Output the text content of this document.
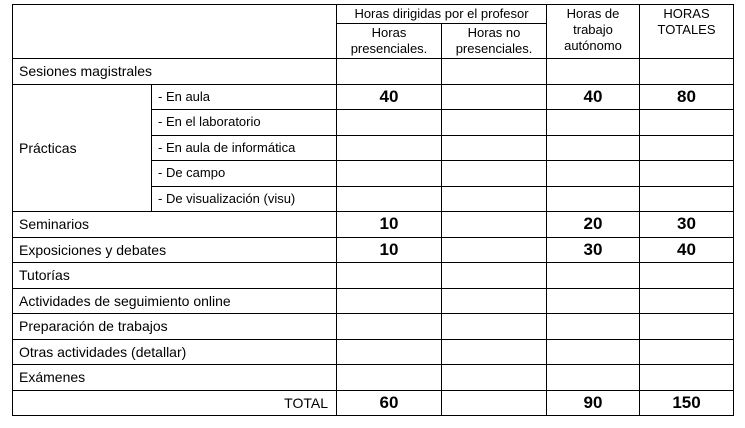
		Horas dirigidas por el profesor		Horas de trabajo autónomo	HORAS TOTALES
		Horas presenciales.	Horas no presenciales.		
Sesiones magistrales					
Prácticas	- En aula	40		40	80
	- En el laboratorio				
	- En aula de informática				
	- De campo				
	- De visualización (visu)				
Seminarios		10		20	30
Exposiciones y debates		10		30	40
Tutorías					
Actividades de seguimiento online					
Preparación de trabajos					
Otras actividades (detallar)					
Exámenes					
TOTAL		60		90	150
